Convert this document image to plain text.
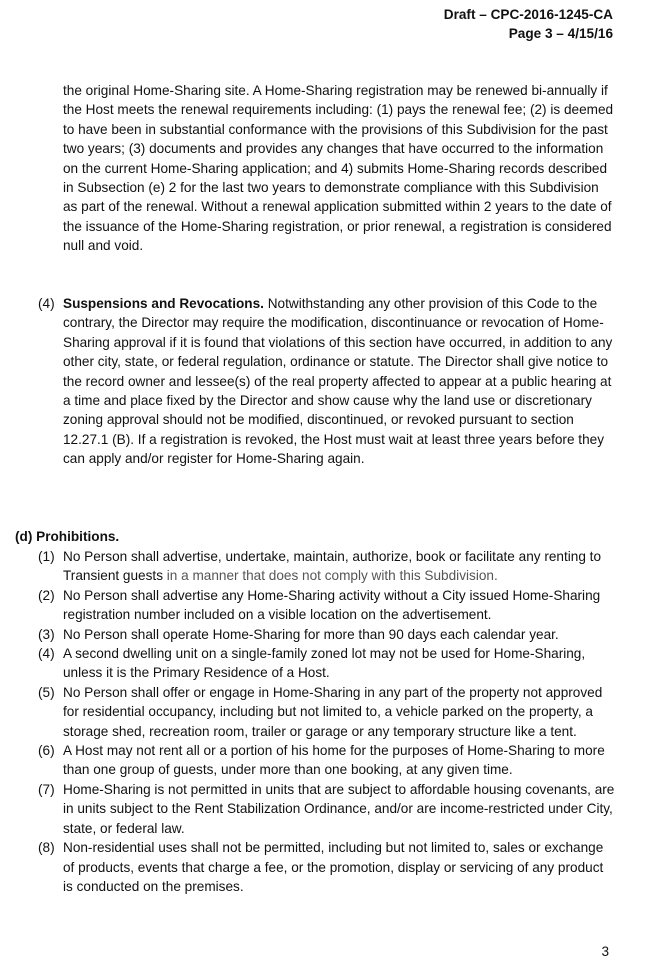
Draft – CPC-2016-1245-CA
Page 3 – 4/15/16

the original Home-Sharing site. A Home-Sharing registration may be renewed bi-annually if the Host meets the renewal requirements including: (1) pays the renewal fee; (2) is deemed to have been in substantial conformance with the provisions of this Subdivision for the past two years; (3) documents and provides any changes that have occurred to the information on the current Home-Sharing application; and 4) submits Home-Sharing records described in Subsection (e) 2 for the last two years to demonstrate compliance with this Subdivision as part of the renewal. Without a renewal application submitted within 2 years to the date of the issuance of the Home-Sharing registration, or prior renewal, a registration is considered null and void.

(4) Suspensions and Revocations. Notwithstanding any other provision of this Code to the contrary, the Director may require the modification, discontinuance or revocation of Home-Sharing approval if it is found that violations of this section have occurred, in addition to any other city, state, or federal regulation, ordinance or statute. The Director shall give notice to the record owner and lessee(s) of the real property affected to appear at a public hearing at a time and place fixed by the Director and show cause why the land use or discretionary zoning approval should not be modified, discontinued, or revoked pursuant to section 12.27.1 (B). If a registration is revoked, the Host must wait at least three years before they can apply and/or register for Home-Sharing again.
(d) Prohibitions.
(1) No Person shall advertise, undertake, maintain, authorize, book or facilitate any renting to Transient guests in a manner that does not comply with this Subdivision.
(2) No Person shall advertise any Home-Sharing activity without a City issued Home-Sharing registration number included on a visible location on the advertisement.
(3) No Person shall operate Home-Sharing for more than 90 days each calendar year.
(4) A second dwelling unit on a single-family zoned lot may not be used for Home-Sharing, unless it is the Primary Residence of a Host.
(5) No Person shall offer or engage in Home-Sharing in any part of the property not approved for residential occupancy, including but not limited to, a vehicle parked on the property, a storage shed, recreation room, trailer or garage or any temporary structure like a tent.
(6) A Host may not rent all or a portion of his home for the purposes of Home-Sharing to more than one group of guests, under more than one booking, at any given time.
(7) Home-Sharing is not permitted in units that are subject to affordable housing covenants, are in units subject to the Rent Stabilization Ordinance, and/or are income-restricted under City, state, or federal law.
(8) Non-residential uses shall not be permitted, including but not limited to, sales or exchange of products, events that charge a fee, or the promotion, display or servicing of any product is conducted on the premises.
3
